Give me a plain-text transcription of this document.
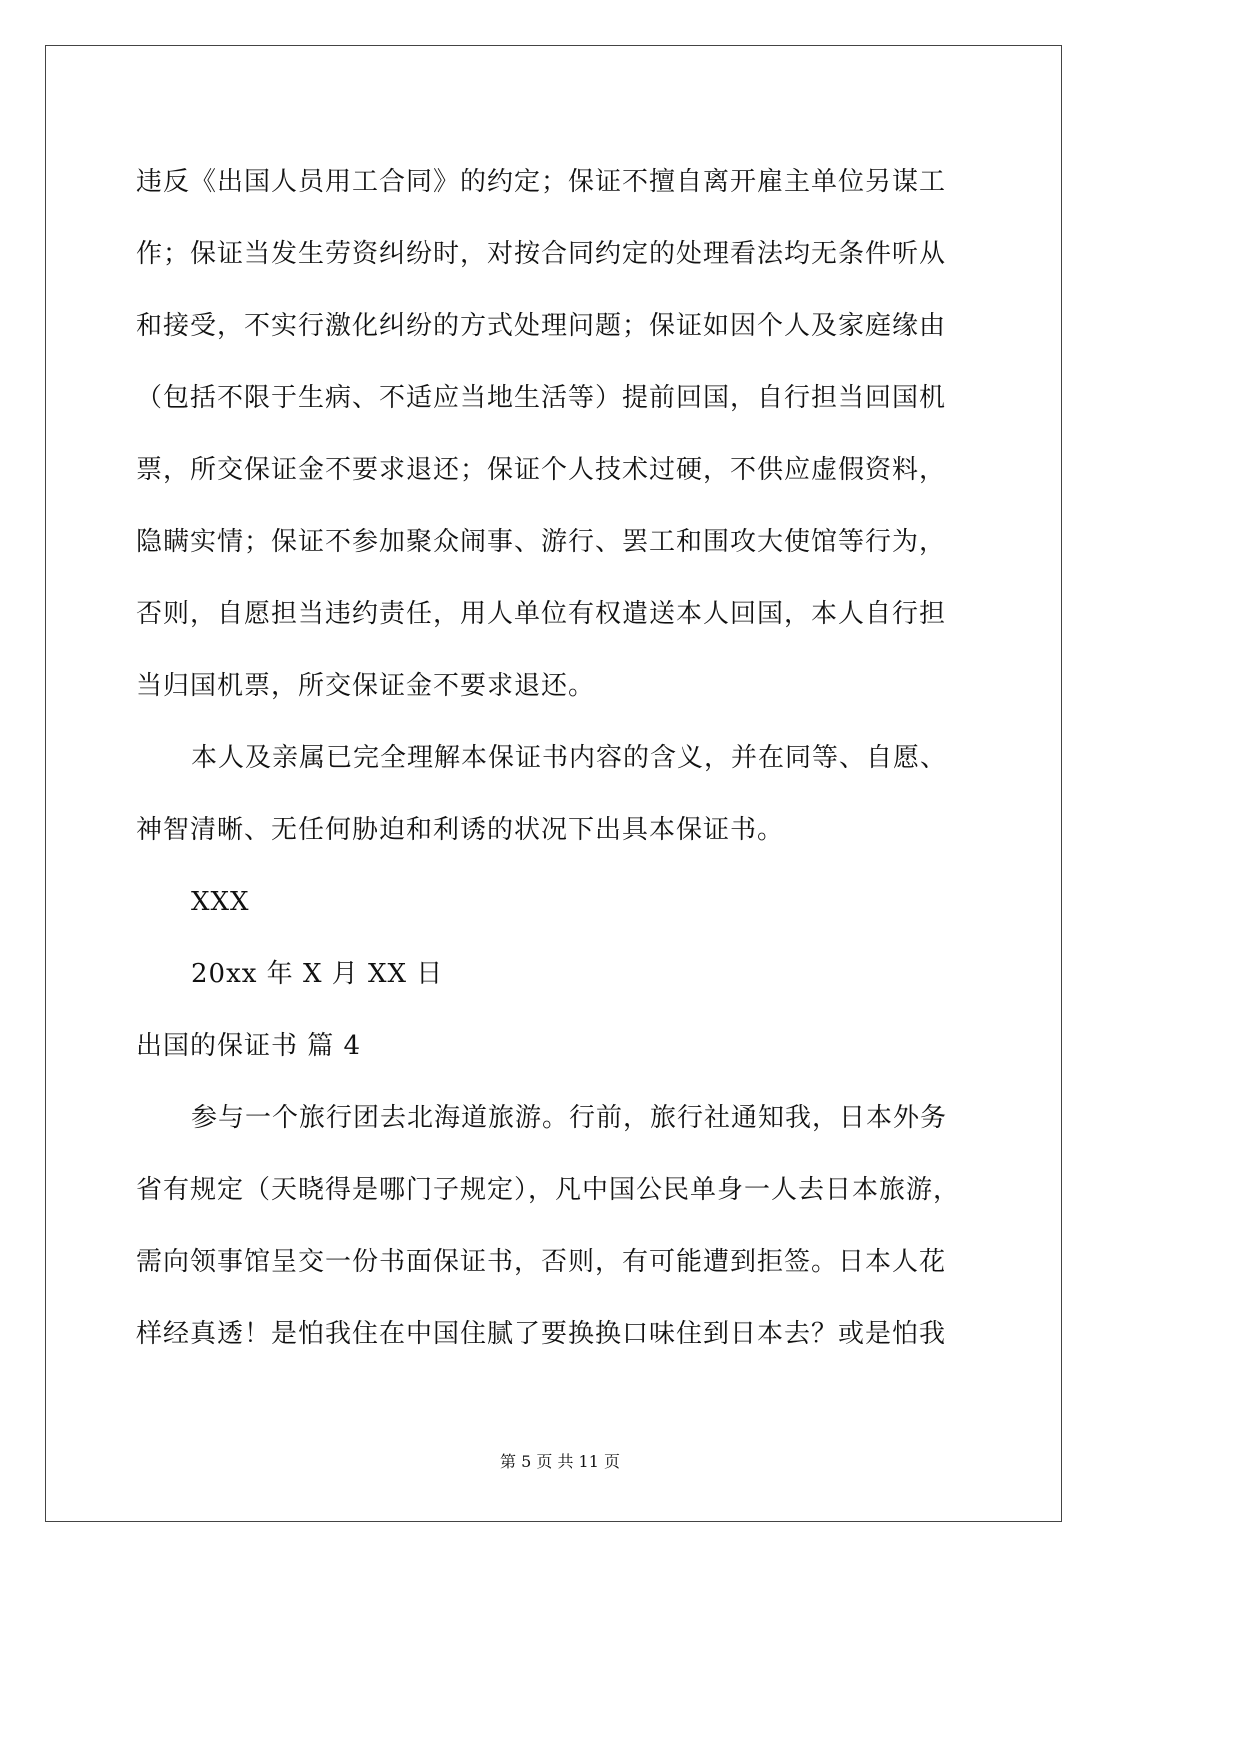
违反《出国人员用工合同》的约定；保证不擅自离开雇主单位另谋工
作；保证当发生劳资纠纷时，对按合同约定的处理看法均无条件听从
和接受，不实行激化纠纷的方式处理问题；保证如因个人及家庭缘由
（包括不限于生病、不适应当地生活等）提前回国，自行担当回国机
票，所交保证金不要求退还；保证个人技术过硬，不供应虚假资料，
隐瞒实情；保证不参加聚众闹事、游行、罢工和围攻大使馆等行为，
否则，自愿担当违约责任，用人单位有权遣送本人回国，本人自行担
当归国机票，所交保证金不要求退还。
本人及亲属已完全理解本保证书内容的含义，并在同等、自愿、
神智清晰、无任何胁迫和利诱的状况下出具本保证书。
XXX
20xx 年 X 月 XX 日
出国的保证书 篇 4
参与一个旅行团去北海道旅游。行前，旅行社通知我，日本外务
省有规定（天晓得是哪门子规定），凡中国公民单身一人去日本旅游，
需向领事馆呈交一份书面保证书，否则，有可能遭到拒签。日本人花
样经真透！是怕我住在中国住腻了要换换口味住到日本去？或是怕我
第 5 页 共 11 页
